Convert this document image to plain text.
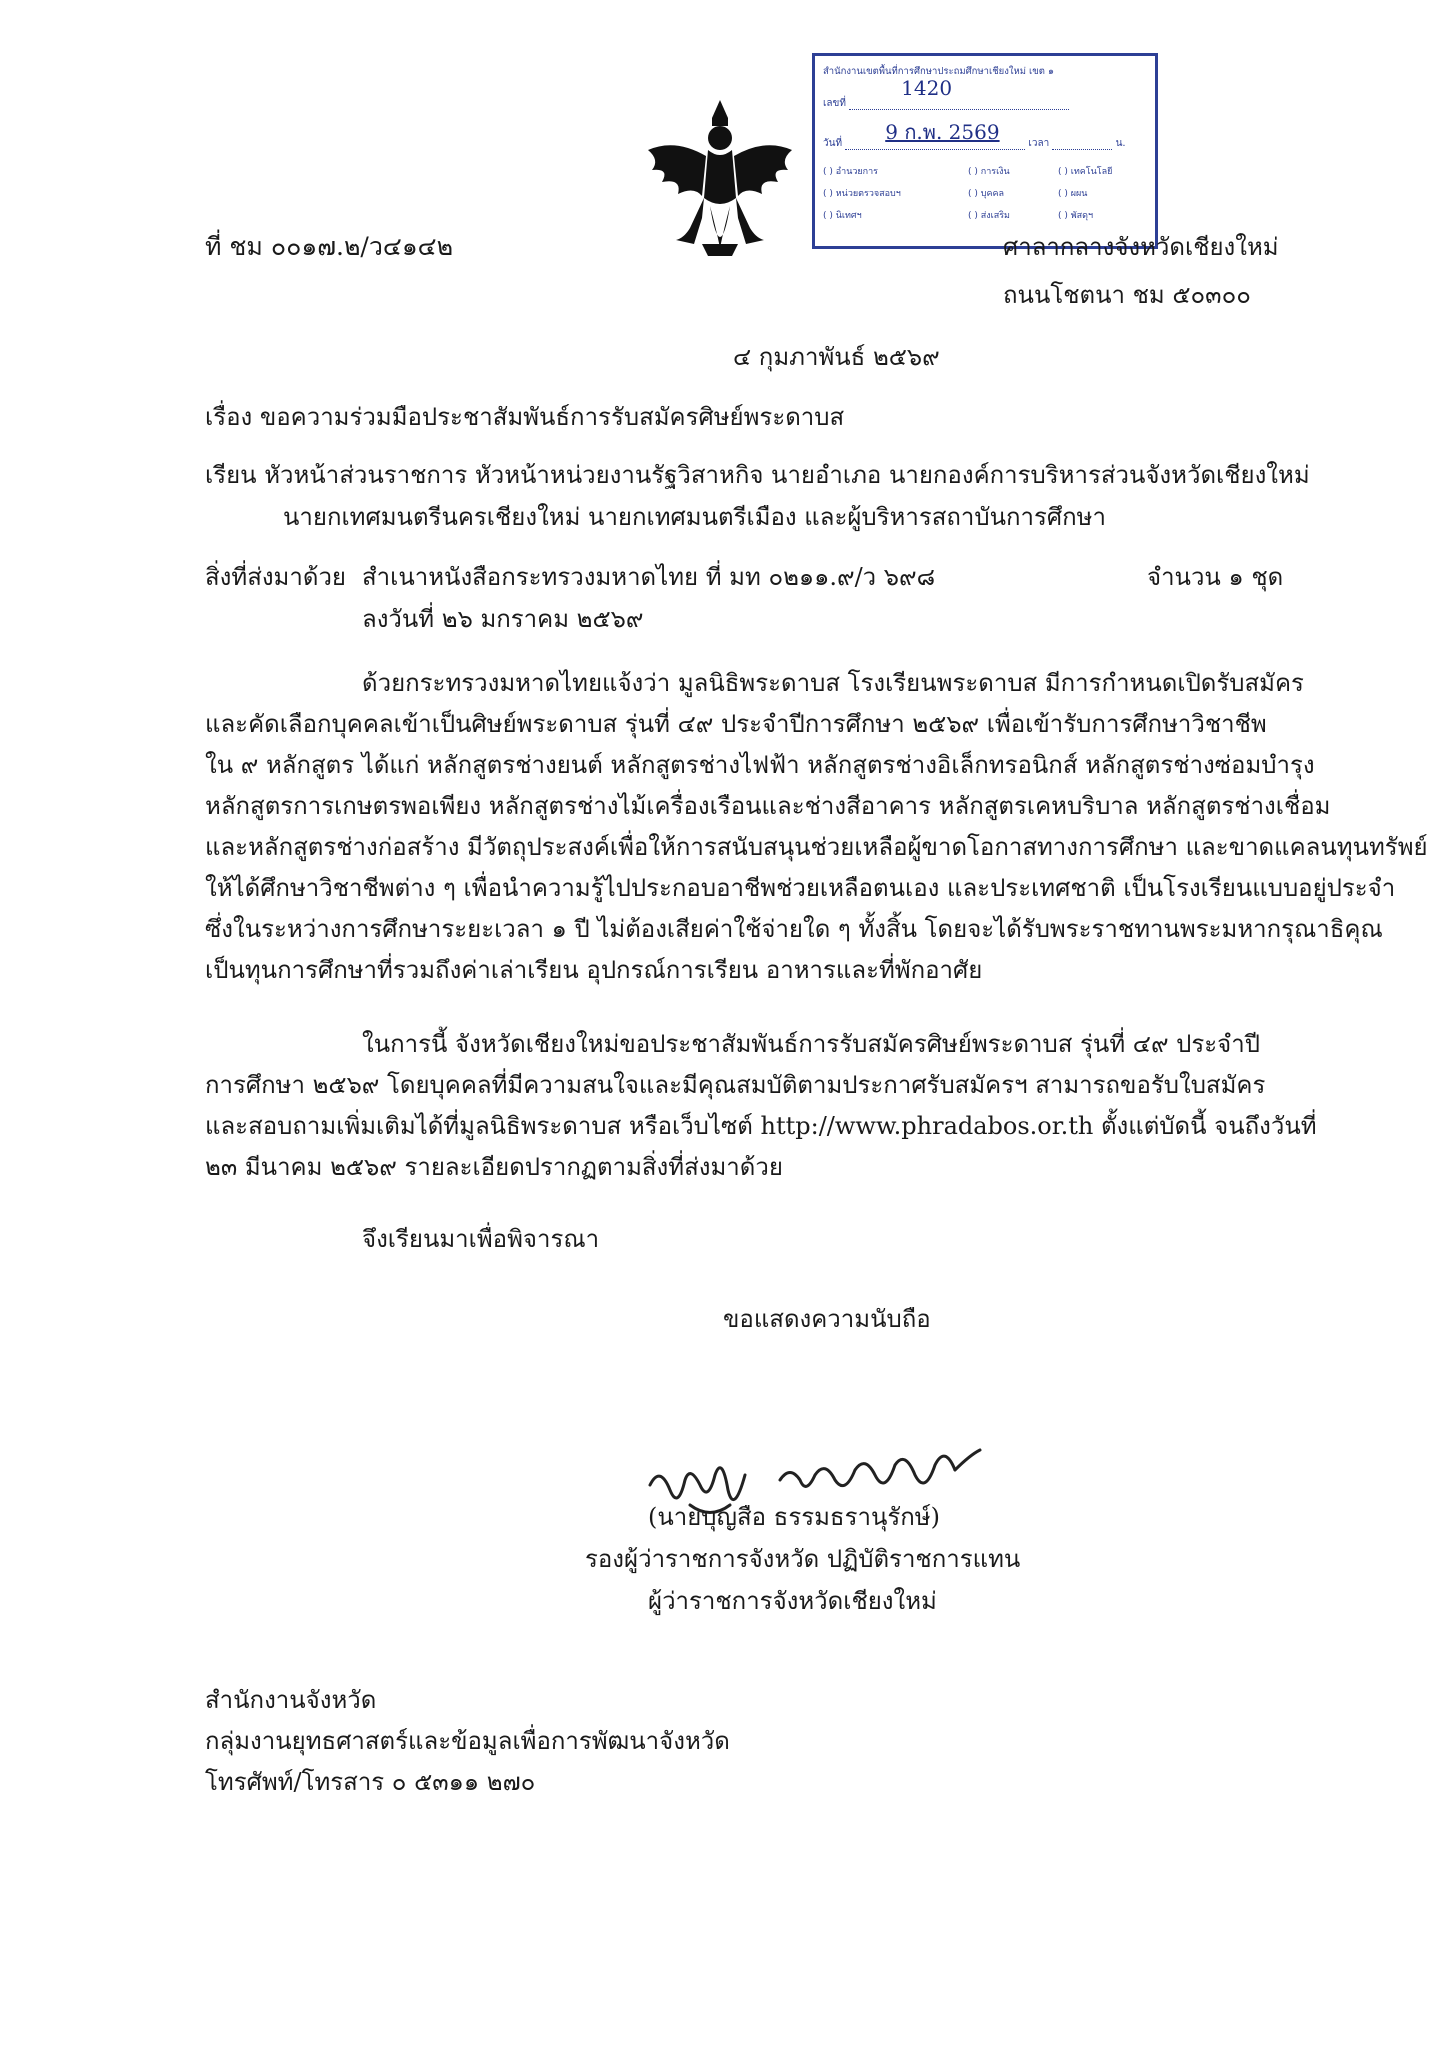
สำนักงานเขตพื้นที่การศึกษาประถมศึกษาเชียงใหม่ เขต ๑
เลขที่
1420

วันที่ 9 ก.พ. 2569	เวลา	น.
( ) อำนวยการ	( ) การเงิน	( ) เทคโนโลยี
( ) หน่วยตรวจสอบฯ	( ) บุคคล	( ) ผผน
( ) นิเทศฯ	( ) ส่งเสริม	( ) พัสดุฯ
ที่ ชม ๐๐๑๗.๒/ว๔๑๔๒	ศาลากลางจังหวัดเชียงใหม่
ถนนโชตนา ชม ๕๐๓๐๐
๔ กุมภาพันธ์ ๒๕๖๙
เรื่อง ขอความร่วมมือประชาสัมพันธ์การรับสมัครศิษย์พระดาบส
เรียน หัวหน้าส่วนราชการ หัวหน้าหน่วยงานรัฐวิสาหกิจ นายอำเภอ นายกองค์การบริหารส่วนจังหวัดเชียงใหม่
นายกเทศมนตรีนครเชียงใหม่ นายกเทศมนตรีเมือง และผู้บริหารสถาบันการศึกษา
สิ่งที่ส่งมาด้วย สำเนาหนังสือกระทรวงมหาดไทย ที่ มท ๐๒๑๑.๙/ว ๖๙๘	จำนวน ๑ ชุด
ลงวันที่ ๒๖ มกราคม ๒๕๖๙
ด้วยกระทรวงมหาดไทยแจ้งว่า มูลนิธิพระดาบส โรงเรียนพระดาบส มีการกำหนดเปิดรับสมัคร
และคัดเลือกบุคคลเข้าเป็นศิษย์พระดาบส รุ่นที่ ๔๙ ประจำปีการศึกษา ๒๕๖๙ เพื่อเข้ารับการศึกษาวิชาชีพ
ใน ๙ หลักสูตร ได้แก่ หลักสูตรช่างยนต์ หลักสูตรช่างไฟฟ้า หลักสูตรช่างอิเล็กทรอนิกส์ หลักสูตรช่างซ่อมบำรุง
หลักสูตรการเกษตรพอเพียง หลักสูตรช่างไม้เครื่องเรือนและช่างสีอาคาร หลักสูตรเคหบริบาล หลักสูตรช่างเชื่อม
และหลักสูตรช่างก่อสร้าง มีวัตถุประสงค์เพื่อให้การสนับสนุนช่วยเหลือผู้ขาดโอกาสทางการศึกษา และขาดแคลนทุนทรัพย์
ให้ได้ศึกษาวิชาชีพต่าง ๆ เพื่อนำความรู้ไปประกอบอาชีพช่วยเหลือตนเอง และประเทศชาติ เป็นโรงเรียนแบบอยู่ประจำ
ซึ่งในระหว่างการศึกษาระยะเวลา ๑ ปี ไม่ต้องเสียค่าใช้จ่ายใด ๆ ทั้งสิ้น โดยจะได้รับพระราชทานพระมหากรุณาธิคุณ
เป็นทุนการศึกษาที่รวมถึงค่าเล่าเรียน อุปกรณ์การเรียน อาหารและที่พักอาศัย
ในการนี้ จังหวัดเชียงใหม่ขอประชาสัมพันธ์การรับสมัครศิษย์พระดาบส รุ่นที่ ๔๙ ประจำปี
การศึกษา ๒๕๖๙ โดยบุคคลที่มีความสนใจและมีคุณสมบัติตามประกาศรับสมัครฯ สามารถขอรับใบสมัคร
และสอบถามเพิ่มเติมได้ที่มูลนิธิพระดาบส หรือเว็บไซต์ http://www.phradabos.or.th ตั้งแต่บัดนี้ จนถึงวันที่
๒๓ มีนาคม ๒๕๖๙ รายละเอียดปรากฏตามสิ่งที่ส่งมาด้วย
จึงเรียนมาเพื่อพิจารณา
ขอแสดงความนับถือ
(นายบุญสือ ธรรมธรานุรักษ์)
รองผู้ว่าราชการจังหวัด ปฏิบัติราชการแทน
ผู้ว่าราชการจังหวัดเชียงใหม่
สำนักงานจังหวัด
กลุ่มงานยุทธศาสตร์และข้อมูลเพื่อการพัฒนาจังหวัด
โทรศัพท์/โทรสาร ๐ ๕๓๑๑ ๒๗๐
